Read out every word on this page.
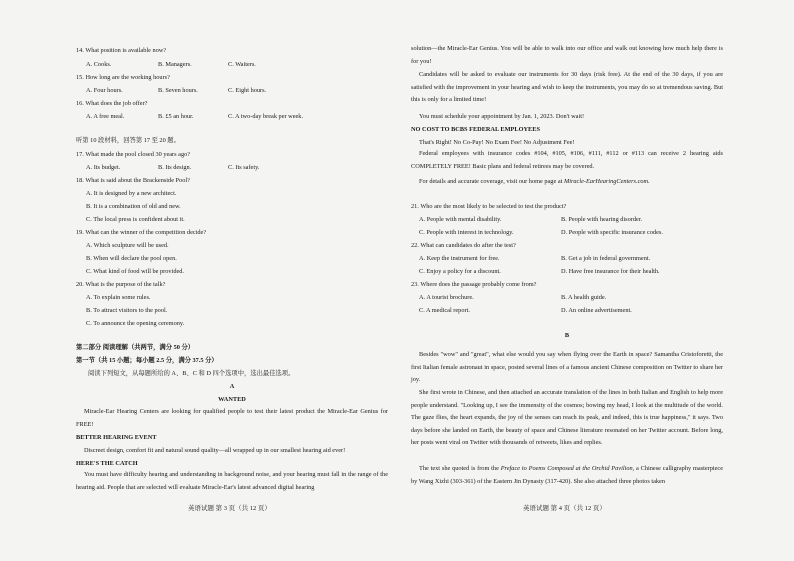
14. What position is available now?
A. Cooks.	B. Managers.	C. Waiters.
15. How long are the working hours?
A. Four hours.	B. Seven hours.	C. Eight hours.
16. What does the job offer?
A. A free meal.	B. £5 an hour.	C. A two-day break per week.
听第 10 段材料，回答第 17 至 20 题。
17. What made the pool closed 30 years ago?
A. Its budget.	B. Its design.	C. Its safety.
18. What is said about the Brackenside Pool?
A. It is designed by a new architect.
B. It is a combination of old and new.
C. The local press is confident about it.
19. What can the winner of the competition decide?
A. Which sculpture will be used.
B. When will declare the pool open.
C. What kind of food will be provided.
20. What is the purpose of the talk?
A. To explain some rules.
B. To attract visitors to the pool.
C. To announce the opening ceremony.
第二部分 阅读理解（共两节，满分 50 分）
第一节（共 15 小题；每小题 2.5 分，满分 37.5 分）
阅读下列短文，从每题所给的 A、B、C 和 D 四个选项中，选出最佳选项。
A
WANTED
Miracle-Ear Hearing Centers are looking for qualified people to test their latest product the Miracle-Ear Genius for FREE!
BETTER HEARING EVENT
Discreet design, comfort fit and natural sound quality—all wrapped up in our smallest hearing aid ever!
HERE'S THE CATCH
You must have difficulty hearing and understanding in background noise, and your hearing must fall in the range of the hearing aid. People that are selected will evaluate Miracle-Ear's latest advanced digital hearing
英语试题 第 3 页（共 12 页）
solution—the Miracle-Ear Genius. You will be able to walk into our office and walk out knowing how much help there is for you!
Candidates will be asked to evaluate our instruments for 30 days (risk free). At the end of the 30 days, if you are satisfied with the improvement in your hearing and wish to keep the instruments, you may do so at tremendous saving. But this is only for a limited time!
You must schedule your appointment by Jan. 1, 2023. Don't wait!
NO COST TO BCBS FEDERAL EMPLOYEES
That's Right! No Co-Pay! No Exam Fee! No Adjustment Fee!
Federal employees with insurance codes #104, #105, #106, #111, #112 or #113 can receive 2 hearing aids COMPLETELY FREE! Basic plans and federal retirees may be covered.
For details and accurate coverage, visit our home page at Miracle-EarHearingCenters.com.
21. Who are the most likely to be selected to test the product?
A. People with mental disability.	B. People with hearing disorder.
C. People with interest in technology.	D. People with specific insurance codes.
22. What can candidates do after the test?
A. Keep the instrument for free.	B. Get a job in federal government.
C. Enjoy a policy for a discount.	D. Have free insurance for their health.
23. Where does the passage probably come from?
A. A tourist brochure.	B. A health guide.
C. A medical report.	D. An online advertisement.
B
Besides "wow" and "great", what else would you say when flying over the Earth in space? Samantha Cristoforetti, the first Italian female astronaut in space, posted several lines of a famous ancient Chinese composition on Twitter to share her joy.
She first wrote in Chinese, and then attached an accurate translation of the lines in both Italian and English to help more people understand. "Looking up, I see the immensity of the cosmos; bowing my head, I look at the multitude of the world. The gaze flies, the heart expands, the joy of the senses can reach its peak, and indeed, this is true happiness," it says. Two days before she landed on Earth, the beauty of space and Chinese literature resonated on her Twitter account. Before long, her posts went viral on Twitter with thousands of retweets, likes and replies.
The text she quoted is from the Preface to Poems Composed at the Orchid Pavilion, a Chinese calligraphy masterpiece by Wang Xizhi (303-361) of the Eastern Jin Dynasty (317-420). She also attached three photos taken
英语试题 第 4 页（共 12 页）
